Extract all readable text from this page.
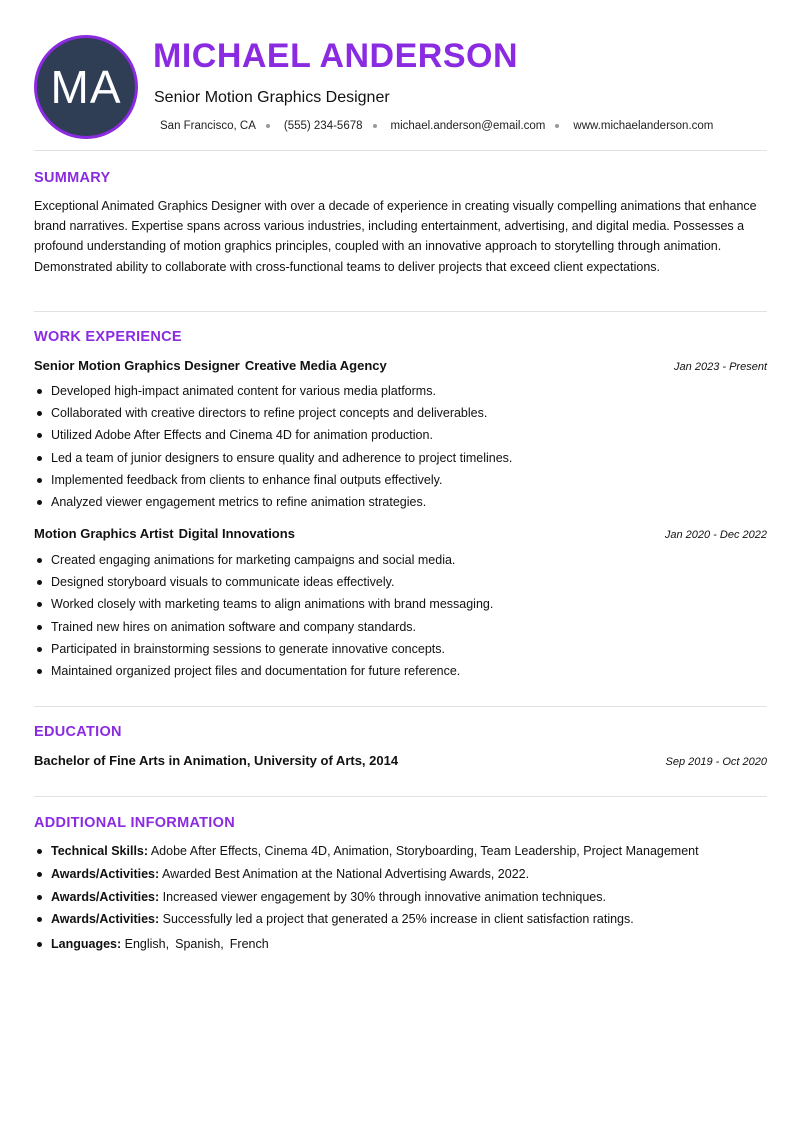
MA
MICHAEL ANDERSON
Senior Motion Graphics Designer
San Francisco, CA (555) 234-5678 michael.anderson@email.com www.michaelanderson.com
SUMMARY

Exceptional Animated Graphics Designer with over a decade of experience in creating visually compelling animations that enhance brand narratives. Expertise spans across various industries, including entertainment, advertising, and digital media. Possesses a profound understanding of motion graphics principles, coupled with an innovative approach to storytelling through animation. Demonstrated ability to collaborate with cross-functional teams to deliver projects that exceed client expectations.

WORK EXPERIENCE
Senior Motion Graphics Designer Creative Media Agency	Jan 2023 - Present
Developed high-impact animated content for various media platforms.
Collaborated with creative directors to refine project concepts and deliverables.
Utilized Adobe After Effects and Cinema 4D for animation production.
Led a team of junior designers to ensure quality and adherence to project timelines.
Implemented feedback from clients to enhance final outputs effectively.
Analyzed viewer engagement metrics to refine animation strategies.
Motion Graphics Artist Digital Innovations	Jan 2020 - Dec 2022
Created engaging animations for marketing campaigns and social media.
Designed storyboard visuals to communicate ideas effectively.
Worked closely with marketing teams to align animations with brand messaging.
Trained new hires on animation software and company standards.
Participated in brainstorming sessions to generate innovative concepts.
Maintained organized project files and documentation for future reference.
EDUCATION
Bachelor of Fine Arts in Animation, University of Arts, 2014	Sep 2019 - Oct 2020
ADDITIONAL INFORMATION
Technical Skills: Adobe After Effects, Cinema 4D, Animation, Storyboarding, Team Leadership, Project Management
Awards/Activities: Awarded Best Animation at the National Advertising Awards, 2022.
Awards/Activities: Increased viewer engagement by 30% through innovative animation techniques.
Awards/Activities: Successfully led a project that generated a 25% increase in client satisfaction ratings.
Languages: English, Spanish, French
